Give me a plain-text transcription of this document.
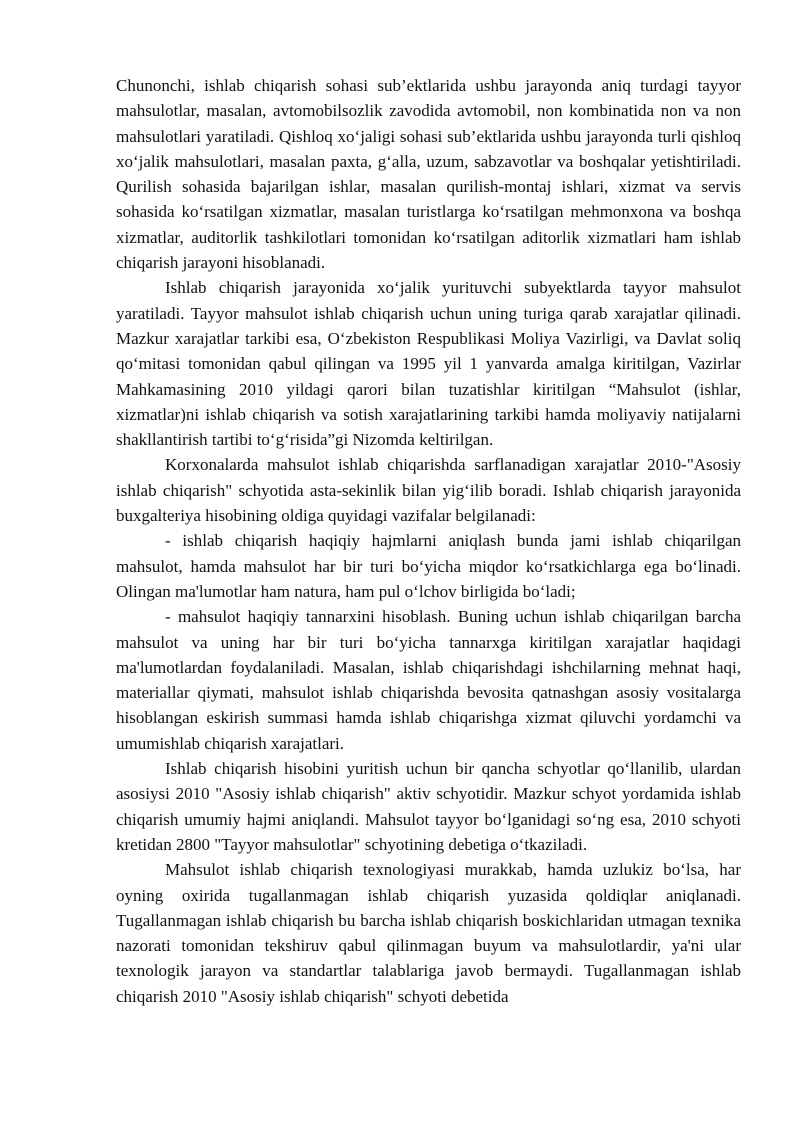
Chunonchi, ishlab chiqarish sohasi sub’ektlarida ushbu jarayonda aniq turdagi tayyor mahsulotlar, masalan, avtomobilsozlik zavodida avtomobil, non kombinatida non va non mahsulotlari yaratiladi. Qishloq xo‘jaligi sohasi sub’ektlarida ushbu jarayonda turli qishloq xo‘jalik mahsulotlari, masalan paxta, g‘alla, uzum, sabzavotlar va boshqalar yetishtiriladi. Qurilish sohasida bajarilgan ishlar, masalan qurilish-montaj ishlari, xizmat va servis sohasida ko‘rsatilgan xizmatlar, masalan turistlarga ko‘rsatilgan mehmonxona va boshqa xizmatlar, auditorlik tashkilotlari tomonidan ko‘rsatilgan aditorlik xizmatlari ham ishlab chiqarish jarayoni hisoblanadi.

Ishlab chiqarish jarayonida xo‘jalik yurituvchi subyektlarda tayyor mahsulot yaratiladi. Tayyor mahsulot ishlab chiqarish uchun uning turiga qarab xarajatlar qilinadi. Mazkur xarajatlar tarkibi esa, O‘zbekiston Respublikasi Moliya Vazirligi, va Davlat soliq qo‘mitasi tomonidan qabul qilingan va 1995 yil 1 yanvarda amalga kiritilgan, Vazirlar Mahkamasining 2010 yildagi qarori bilan tuzatishlar kiritilgan “Mahsulot (ishlar, xizmatlar)ni ishlab chiqarish va sotish xarajatlarining tarkibi hamda moliyaviy natijalarni shakllantirish tartibi to‘g‘risida”gi Nizomda keltirilgan.

Korxonalarda mahsulot ishlab chiqarishda sarflanadigan xarajatlar 2010-"Asosiy ishlab chiqarish" schyotida asta-sekinlik bilan yig‘ilib boradi. Ishlab chiqarish jarayonida buxgalteriya hisobining oldiga quyidagi vazifalar belgilanadi:

- ishlab chiqarish haqiqiy hajmlarni aniqlash bunda jami ishlab chiqarilgan mahsulot, hamda mahsulot har bir turi bo‘yicha miqdor ko‘rsatkichlarga ega bo‘linadi. Olingan ma'lumotlar ham natura, ham pul o‘lchov birligida bo‘ladi;

- mahsulot haqiqiy tannarxini hisoblash. Buning uchun ishlab chiqarilgan barcha mahsulot va uning har bir turi bo‘yicha tannarxga kiritilgan xarajatlar haqidagi ma'lumotlardan foydalaniladi. Masalan, ishlab chiqarishdagi ishchilarning mehnat haqi, materiallar qiymati, mahsulot ishlab chiqarishda bevosita qatnashgan asosiy vositalarga hisoblangan eskirish summasi hamda ishlab chiqarishga xizmat qiluvchi yordamchi va umumishlab chiqarish xarajatlari.

Ishlab chiqarish hisobini yuritish uchun bir qancha schyotlar qo‘llanilib, ulardan asosiysi 2010 "Asosiy ishlab chiqarish" aktiv schyotidir. Mazkur schyot yordamida ishlab chiqarish umumiy hajmi aniqlandi. Mahsulot tayyor bo‘lganidagi so‘ng esa, 2010 schyoti kretidan 2800 "Tayyor mahsulotlar" schyotining debetiga o‘tkaziladi.

Mahsulot ishlab chiqarish texnologiyasi murakkab, hamda uzlukiz bo‘lsa, har oyning oxirida tugallanmagan ishlab chiqarish yuzasida qoldiqlar aniqlanadi. Tugallanmagan ishlab chiqarish bu barcha ishlab chiqarish boskichlaridan utmagan texnika nazorati tomonidan tekshiruv qabul qilinmagan buyum va mahsulotlardir, ya'ni ular texnologik jarayon va standartlar talablariga javob bermaydi. Tugallanmagan ishlab chiqarish 2010 "Asosiy ishlab chiqarish" schyoti debetida
